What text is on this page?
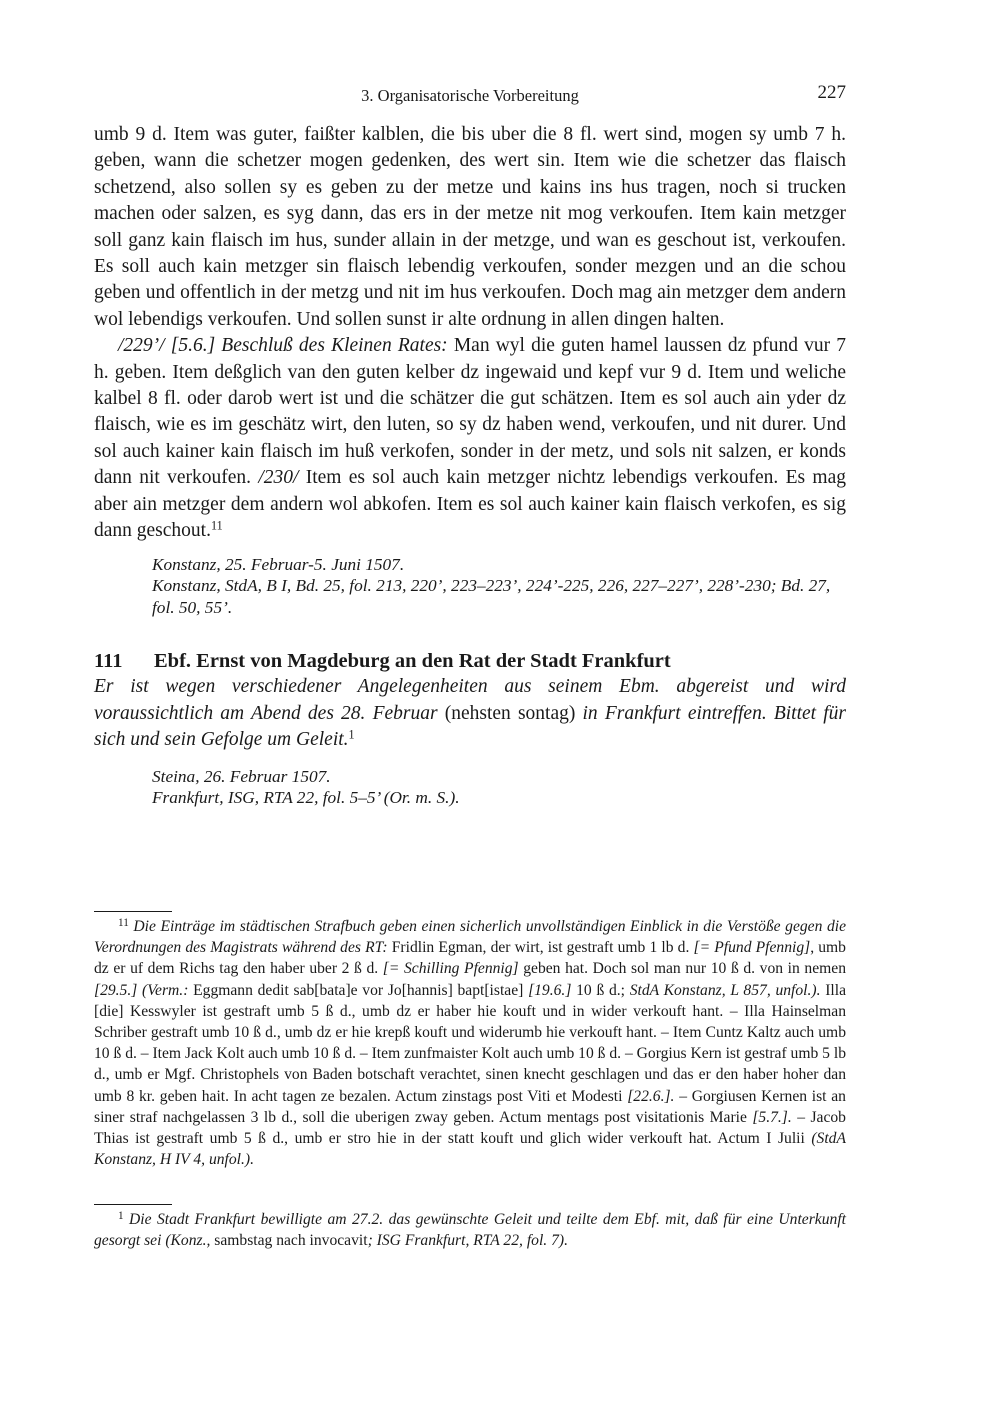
3. Organisatorische Vorbereitung	227

umb 9 d. Item was guter, faißter kalblen, die bis uber die 8 fl. wert sind, mogen sy umb 7 h. geben, wann die schetzer mogen gedenken, des wert sin. Item wie die schetzer das flaisch schetzend, also sollen sy es geben zu der metze und kains ins hus tragen, noch si trucken machen oder salzen, es syg dann, das ers in der metze nit mog verkoufen. Item kain metzger soll ganz kain flaisch im hus, sunder allain in der metzge, und wan es geschout ist, verkoufen. Es soll auch kain metzger sin flaisch lebendig verkoufen, sonder mezgen und an die schou geben und offentlich in der metzg und nit im hus verkoufen. Doch mag ain metzger dem andern wol lebendigs verkoufen. Und sollen sunst ir alte ordnung in allen dingen halten.

/229’/ [5.6.] Beschluß des Kleinen Rates: Man wyl die guten hamel laussen dz pfund vur 7 h. geben. Item deßglich van den guten kelber dz ingewaid und kepf vur 9 d. Item und weliche kalbel 8 fl. oder darob wert ist und die schätzer die gut schätzen. Item es sol auch ain yder dz flaisch, wie es im geschätz wirt, den luten, so sy dz haben wend, verkoufen, und nit durer. Und sol auch kainer kain flaisch im huß verkofen, sonder in der metz, und sols nit salzen, er konds dann nit verkoufen. /230/ Item es sol auch kain metzger nichtz lebendigs verkoufen. Es mag aber ain metzger dem andern wol abkofen. Item es sol auch kainer kain flaisch verkofen, es sig dann geschout.$^{11}$

Konstanz, 25. Februar-5. Juni 1507.
Konstanz, StdA, B I, Bd. 25, fol. 213, 220’, 223–223’, 224’-225, 226, 227–227’, 228’-230; Bd. 27, fol. 50, 55’.
111	Ebf. Ernst von Magdeburg an den Rat der Stadt Frankfurt

Er ist wegen verschiedener Angelegenheiten aus seinem Ebm. abgereist und wird voraussichtlich am Abend des 28. Februar (nehsten sontag) in Frankfurt eintreffen. Bittet für sich und sein Gefolge um Geleit.$^1$

Steina, 26. Februar 1507.
Frankfurt, ISG, RTA 22, fol. 5–5’ (Or. m. S.).
$^{11}$ Die Einträge im städtischen Strafbuch geben einen sicherlich unvollständigen Einblick in die Verstöße gegen die Verordnungen des Magistrats während des RT: Fridlin Egman, der wirt, ist gestraft umb 1 lb d. [= Pfund Pfennig], umb dz er uf dem Richs tag den haber uber 2 ß d. [= Schilling Pfennig] geben hat. Doch sol man nur 10 ß d. von in nemen [29.5.] (Verm.: Eggmann dedit sab[bata]e vor Jo[hannis] bapt[istae] [19.6.] 10 ß d.; StdA Konstanz, L 857, unfol.). Illa [die] Kesswyler ist gestraft umb 5 ß d., umb dz er haber hie kouft und in wider verkouft hant. – Illa Hainselman Schriber gestraft umb 10 ß d., umb dz er hie krepß kouft und widerumb hie verkouft hant. – Item Cuntz Kaltz auch umb 10 ß d. – Item Jack Kolt auch umb 10 ß d. – Item zunfmaister Kolt auch umb 10 ß d. – Gorgius Kern ist gestraf umb 5 lb d., umb er Mgf. Christophels von Baden botschaft verachtet, sinen knecht geschlagen und das er den haber hoher dan umb 8 kr. geben hait. In acht tagen ze bezalen. Actum zinstags post Viti et Modesti [22.6.]. – Gorgiusen Kernen ist an siner straf nachgelassen 3 lb d., soll die uberigen zway geben. Actum mentags post visitationis Marie [5.7.]. – Jacob Thias ist gestraft umb 5 ß d., umb er stro hie in der statt kouft und glich wider verkouft hat. Actum I Julii (StdA Konstanz, H IV 4, unfol.).
$^1$ Die Stadt Frankfurt bewilligte am 27.2. das gewünschte Geleit und teilte dem Ebf. mit, daß für eine Unterkunft gesorgt sei (Konz., sambstag nach invocavit; ISG Frankfurt, RTA 22, fol. 7).
